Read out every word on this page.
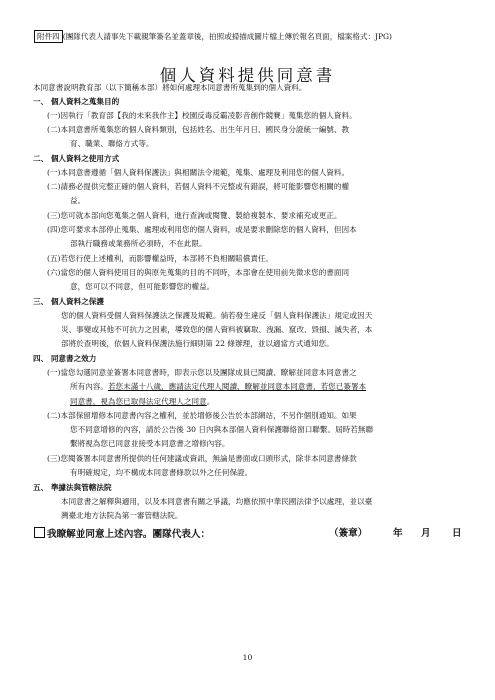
附件四 (團隊代表人請事先下載親筆簽名並蓋章後，拍照或掃描成圖片檔上傳於報名頁面，檔案格式：JPG)
個人資料提供同意書
本同意書說明教育部（以下簡稱本部）將如何處理本同意書所蒐集到的個人資料。
一、 個人資料之蒐集目的
(一)因執行「教育部【我的未來我作主】校園反毒反霸凌影音創作競賽」蒐集您的個人資料。
(二)本同意書所蒐集您的個人資料類別，包括姓名、出生年月日、國民身分證統一編號、教
育、職業、聯絡方式等。
二、 個人資料之使用方式
(一)本同意書遵循「個人資料保護法」與相關法令規範，蒐集、處理及利用您的個人資料。
(二)請務必提供完整正確的個人資料，若個人資料不完整或有錯誤，將可能影響您相關的權
益。
(三)您可就本部向您蒐集之個人資料，進行查詢或閱覽、製給複製本、要求補充或更正。
(四)您可要求本部停止蒐集、處理或利用您的個人資料，或是要求刪除您的個人資料，但因本
部執行職務或業務所必須時，不在此限。
(五)若您行使上述權利，而影響權益時，本部將不負相關賠償責任。
(六)當您的個人資料使用目的與原先蒐集的目的不同時，本部會在使用前先徵求您的書面同
意，您可以不同意，但可能影響您的權益。
三、 個人資料之保護
您的個人資料受個人資料保護法之保護及規範。倘若發生違反「個人資料保護法」規定或因天
災、事變或其他不可抗力之因素，導致您的個人資料被竊取、洩漏、竄改、毀損、滅失者，本
部將於查明後，依個人資料保護法施行細則第 22 條辦理，並以適當方式通知您。
四、 同意書之效力
(一)當您勾選同意並簽署本同意書時，即表示您以及團隊成員已閱讀、瞭解並同意本同意書之
所有內容。若您未滿十八歲，應請法定代理人閱讀、瞭解並同意本同意書，若您已簽署本
同意書，視為您已取得法定代理人之同意。
(二)本部保留增修本同意書內容之權利，並於增修後公告於本部網站，不另作個別通知。如果
您不同意增修的內容，請於公告後 30 日內與本部個人資料保護聯絡窗口聯繫。屆時若無聯
繫將視為您已同意並接受本同意書之增修內容。
(三)您閱簽署本同意書所提供的任何建議或資訊，無論是書面或口頭形式，除非本同意書條款
有明確規定，均不構成本同意書條款以外之任何保證。
五、 準據法與管轄法院
本同意書之解釋與適用，以及本同意書有關之爭議，均應依照中華民國法律予以處理，並以臺
灣臺北地方法院為第一審管轄法院。
我瞭解並同意上述內容。團隊代表人：	（簽章）	年 月 日
10
